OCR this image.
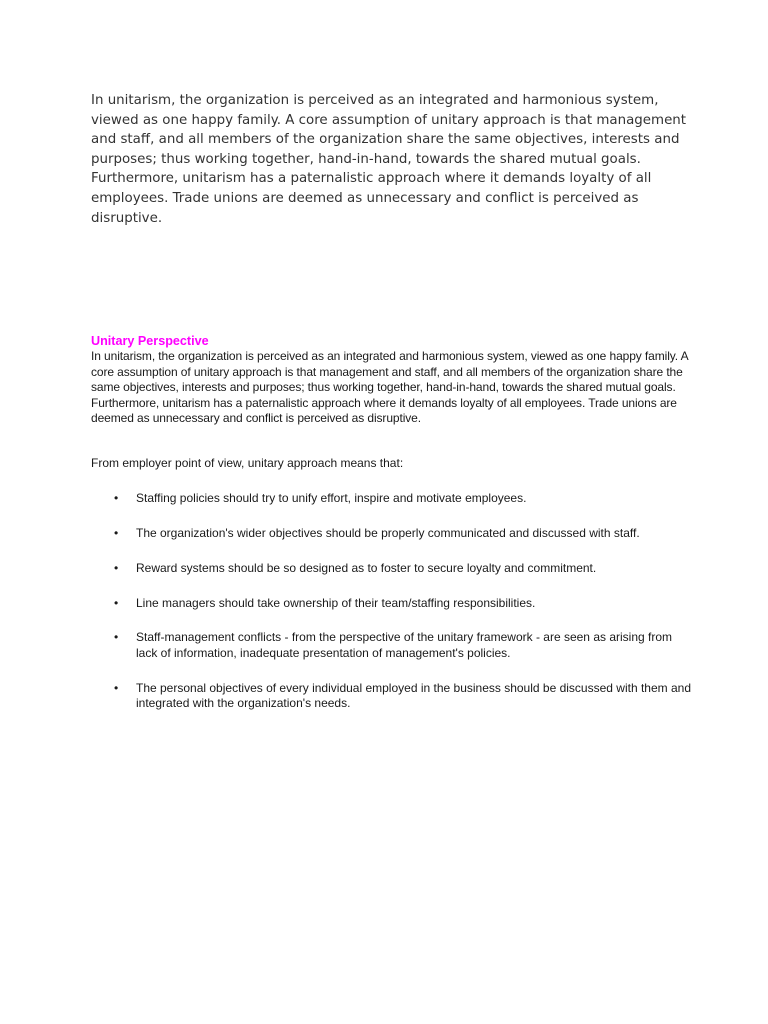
In unitarism, the organization is perceived as an integrated and harmonious system, viewed as one happy family. A core assumption of unitary approach is that management and staff, and all members of the organization share the same objectives, interests and purposes; thus working together, hand-in-hand, towards the shared mutual goals. Furthermore, unitarism has a paternalistic approach where it demands loyalty of all employees. Trade unions are deemed as unnecessary and conflict is perceived as disruptive.

Unitary Perspective

In unitarism, the organization is perceived as an integrated and harmonious system, viewed as one happy family. A core assumption of unitary approach is that management and staff, and all members of the organization share the same objectives, interests and purposes; thus working together, hand-in-hand, towards the shared mutual goals. Furthermore, unitarism has a paternalistic approach where it demands loyalty of all employees. Trade unions are deemed as unnecessary and conflict is perceived as disruptive.

From employer point of view, unitary approach means that:

• Staffing policies should try to unify effort, inspire and motivate employees.
• The organization's wider objectives should be properly communicated and discussed with staff.
• Reward systems should be so designed as to foster to secure loyalty and commitment.
• Line managers should take ownership of their team/staffing responsibilities.
• Staff-management conflicts - from the perspective of the unitary framework - are seen as arising from lack of information, inadequate presentation of management's policies.
• The personal objectives of every individual employed in the business should be discussed with them and integrated with the organization's needs.
